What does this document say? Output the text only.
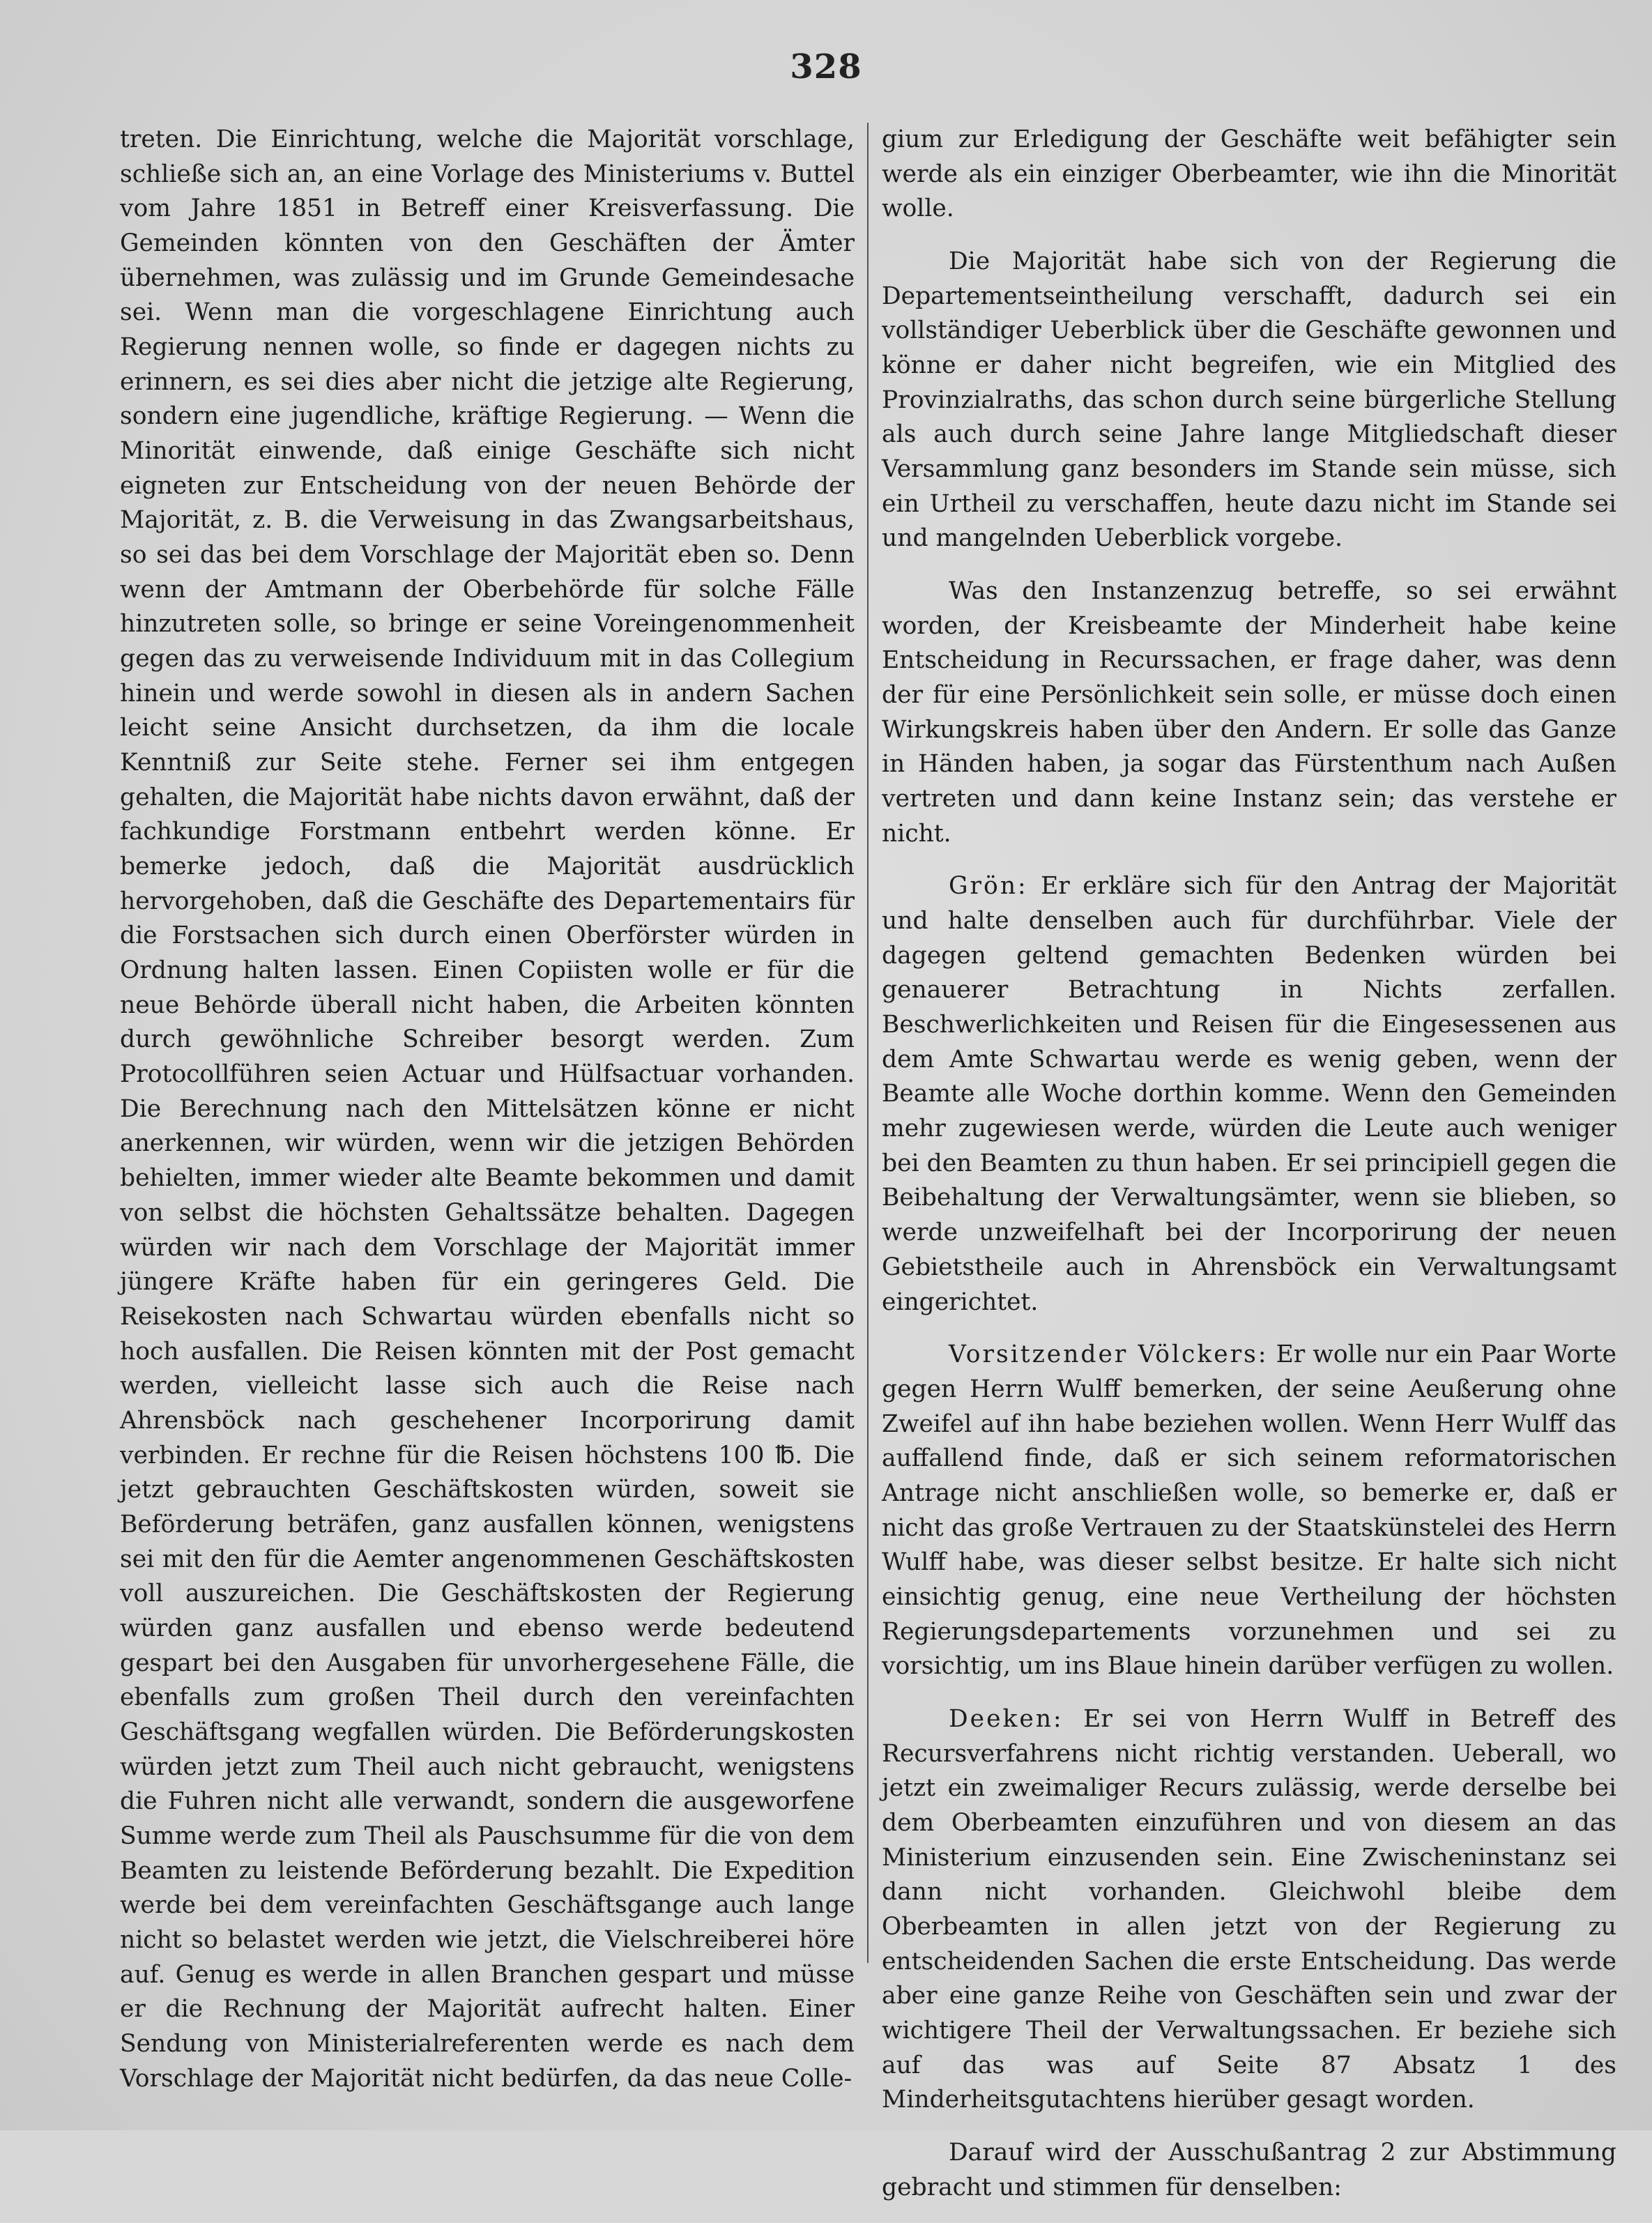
328

treten. Die Einrichtung, welche die Majorität vorschlage, schließe sich an, an eine Vorlage des Ministeriums v. Buttel vom Jahre 1851 in Betreff einer Kreisverfassung. Die Gemeinden könnten von den Geschäften der Ämter übernehmen, was zulässig und im Grunde Gemeindesache sei. Wenn man die vorgeschlagene Einrichtung auch Regierung nennen wolle, so finde er dagegen nichts zu erinnern, es sei dies aber nicht die jetzige alte Regierung, sondern eine jugendliche, kräftige Regierung. — Wenn die Minorität einwende, daß einige Geschäfte sich nicht eigneten zur Entscheidung von der neuen Behörde der Majorität, z. B. die Verweisung in das Zwangsarbeitshaus, so sei das bei dem Vorschlage der Majorität eben so. Denn wenn der Amtmann der Oberbehörde für solche Fälle hinzutreten solle, so bringe er seine Voreingenommenheit gegen das zu verweisende Individuum mit in das Collegium hinein und werde sowohl in diesen als in andern Sachen leicht seine Ansicht durchsetzen, da ihm die locale Kenntniß zur Seite stehe. Ferner sei ihm entgegen gehalten, die Majorität habe nichts davon erwähnt, daß der fachkundige Forstmann entbehrt werden könne. Er bemerke jedoch, daß die Majorität ausdrücklich hervorgehoben, daß die Geschäfte des Departementairs für die Forstsachen sich durch einen Oberförster würden in Ordnung halten lassen. Einen Copiisten wolle er für die neue Behörde überall nicht haben, die Arbeiten könnten durch gewöhnliche Schreiber besorgt werden. Zum Protocollführen seien Actuar und Hülfsactuar vorhanden. Die Berechnung nach den Mittelsätzen könne er nicht anerkennen, wir würden, wenn wir die jetzigen Behörden behielten, immer wieder alte Beamte bekommen und damit von selbst die höchsten Gehaltssätze behalten. Dagegen würden wir nach dem Vorschlage der Majorität immer jüngere Kräfte haben für ein geringeres Geld. Die Reisekosten nach Schwartau würden ebenfalls nicht so hoch ausfallen. Die Reisen könnten mit der Post gemacht werden, vielleicht lasse sich auch die Reise nach Ahrensböck nach geschehener Incorporirung damit verbinden. Er rechne für die Reisen höchstens 100 ℔. Die jetzt gebrauchten Geschäftskosten würden, soweit sie Beförderung beträfen, ganz ausfallen können, wenigstens sei mit den für die Aemter angenommenen Geschäftskosten voll auszureichen. Die Geschäftskosten der Regierung würden ganz ausfallen und ebenso werde bedeutend gespart bei den Ausgaben für unvorhergesehene Fälle, die ebenfalls zum großen Theil durch den vereinfachten Geschäftsgang wegfallen würden. Die Beförderungskosten würden jetzt zum Theil auch nicht gebraucht, wenigstens die Fuhren nicht alle verwandt, sondern die ausgeworfene Summe werde zum Theil als Pauschsumme für die von dem Beamten zu leistende Beförderung bezahlt. Die Expedition werde bei dem vereinfachten Geschäftsgange auch lange nicht so belastet werden wie jetzt, die Vielschreiberei höre auf. Genug es werde in allen Branchen gespart und müsse er die Rechnung der Majorität aufrecht halten. Einer Sendung von Ministerialreferenten werde es nach dem Vorschlage der Majorität nicht bedürfen, da das neue Colle-

gium zur Erledigung der Geschäfte weit befähigter sein werde als ein einziger Oberbeamter, wie ihn die Minorität wolle.

Die Majorität habe sich von der Regierung die Departementseintheilung verschafft, dadurch sei ein vollständiger Ueberblick über die Geschäfte gewonnen und könne er daher nicht begreifen, wie ein Mitglied des Provinzialraths, das schon durch seine bürgerliche Stellung als auch durch seine Jahre lange Mitgliedschaft dieser Versammlung ganz besonders im Stande sein müsse, sich ein Urtheil zu verschaffen, heute dazu nicht im Stande sei und mangelnden Ueberblick vorgebe.

Was den Instanzenzug betreffe, so sei erwähnt worden, der Kreisbeamte der Minderheit habe keine Entscheidung in Recurssachen, er frage daher, was denn der für eine Persönlichkeit sein solle, er müsse doch einen Wirkungskreis haben über den Andern. Er solle das Ganze in Händen haben, ja sogar das Fürstenthum nach Außen vertreten und dann keine Instanz sein; das verstehe er nicht.

Grön: Er erkläre sich für den Antrag der Majorität und halte denselben auch für durchführbar. Viele der dagegen geltend gemachten Bedenken würden bei genauerer Betrachtung in Nichts zerfallen. Beschwerlichkeiten und Reisen für die Eingesessenen aus dem Amte Schwartau werde es wenig geben, wenn der Beamte alle Woche dorthin komme. Wenn den Gemeinden mehr zugewiesen werde, würden die Leute auch weniger bei den Beamten zu thun haben. Er sei principiell gegen die Beibehaltung der Verwaltungsämter, wenn sie blieben, so werde unzweifelhaft bei der Incorporirung der neuen Gebietstheile auch in Ahrensböck ein Verwaltungsamt eingerichtet.

Vorsitzender Völckers: Er wolle nur ein Paar Worte gegen Herrn Wulff bemerken, der seine Aeußerung ohne Zweifel auf ihn habe beziehen wollen. Wenn Herr Wulff das auffallend finde, daß er sich seinem reformatorischen Antrage nicht anschließen wolle, so bemerke er, daß er nicht das große Vertrauen zu der Staatskünstelei des Herrn Wulff habe, was dieser selbst besitze. Er halte sich nicht einsichtig genug, eine neue Vertheilung der höchsten Regierungsdepartements vorzunehmen und sei zu vorsichtig, um ins Blaue hinein darüber verfügen zu wollen.

Deeken: Er sei von Herrn Wulff in Betreff des Recursverfahrens nicht richtig verstanden. Ueberall, wo jetzt ein zweimaliger Recurs zulässig, werde derselbe bei dem Oberbeamten einzuführen und von diesem an das Ministerium einzusenden sein. Eine Zwischeninstanz sei dann nicht vorhanden. Gleichwohl bleibe dem Oberbeamten in allen jetzt von der Regierung zu entscheidenden Sachen die erste Entscheidung. Das werde aber eine ganze Reihe von Geschäften sein und zwar der wichtigere Theil der Verwaltungssachen. Er beziehe sich auf das was auf Seite 87 Absatz 1 des Minderheitsgutachtens hierüber gesagt worden.

Darauf wird der Ausschußantrag 2 zur Abstimmung gebracht und stimmen für denselben:
